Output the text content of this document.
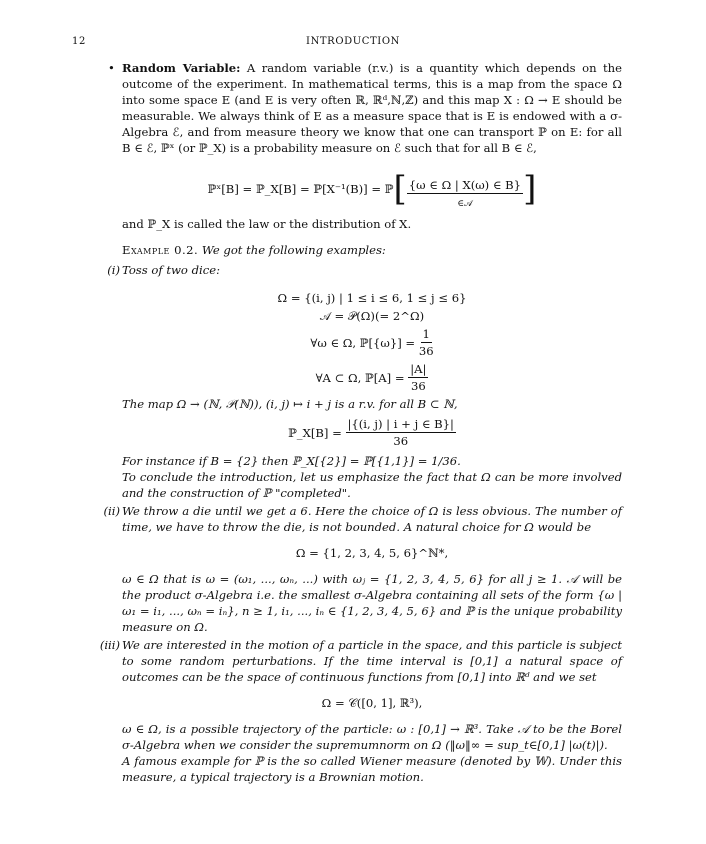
12	INTRODUCTION
• Random Variable: A random variable (r.v.) is a quantity which depends on the outcome of the experiment. In mathematical terms, this is a map from the space Ω into some space E (and E is very often ℝ, ℝᵈ,ℕ,ℤ) and this map X : Ω → E should be measurable. We always think of E as a measure space that is E is endowed with a σ-Algebra ℰ, and from measure theory we know that one can transport ℙ on E: for all B ∈ ℰ, ℙˣ (or ℙ_X) is a probability measure on ℰ such that for all B ∈ ℰ,
ℙˣ[B] = ℙ_X[B] = ℙ[X⁻¹(B)] = ℙ [ {ω ∈ Ω | X(ω) ∈ B}
∈𝒜	]
and ℙ_X is called the law or the distribution of X.
Example 0.2. We got the following examples:
(i) Toss of two dice:
Ω = {(i, j) | 1 ≤ i ≤ 6, 1 ≤ j ≤ 6}
𝒜 = 𝒫(Ω)(= 2^Ω)
∀ω ∈ Ω, ℙ[{ω}] =
$\frac{1}{36}$
∀A ⊂ Ω, ℙ[A] =
$\frac{|A|}{36}$
The map Ω → (ℕ, 𝒫(ℕ)), (i, j) ↦ i + j is a r.v. for all B ⊂ ℕ,
ℙ_X[B] =
$\frac{|\{(i, j) | i + j \in B\}|}{36}$
For instance if B = {2} then ℙ_X[{2}] = ℙ[{1,1}] = 1/36.
To conclude the introduction, let us emphasize the fact that Ω can be more involved and the construction of ℙ "completed".
(ii) We throw a die until we get a 6. Here the choice of Ω is less obvious. The number of time, we have to throw the die, is not bounded. A natural choice for Ω would be
Ω = {1, 2, 3, 4, 5, 6}^ℕ*,
ω ∈ Ω that is ω = (ω₁, ..., ωₙ, ...) with ωⱼ = {1, 2, 3, 4, 5, 6} for all j ≥ 1. 𝒜 will be the product σ-Algebra i.e. the smallest σ-Algebra containing all sets of the form {ω | ω₁ = i₁, ..., ωₙ = iₙ}, n ≥ 1, i₁, ..., iₙ ∈ {1, 2, 3, 4, 5, 6} and ℙ is the unique probability measure on Ω.
(iii) We are interested in the motion of a particle in the space, and this particle is subject to some random perturbations. If the time interval is [0,1] a natural space of outcomes can be the space of continuous functions from [0,1] into ℝᵈ and we set
Ω = 𝒞([0, 1], ℝ³),
ω ∈ Ω, is a possible trajectory of the particle: ω : [0,1] → ℝ³. Take 𝒜 to be the Borel σ-Algebra when we consider the supremumnorm on Ω (‖ω‖∞ = sup_t∈[0,1] |ω(t)|).
A famous example for ℙ is the so called Wiener measure (denoted by 𝕎). Under this measure, a typical trajectory is a Brownian motion.
